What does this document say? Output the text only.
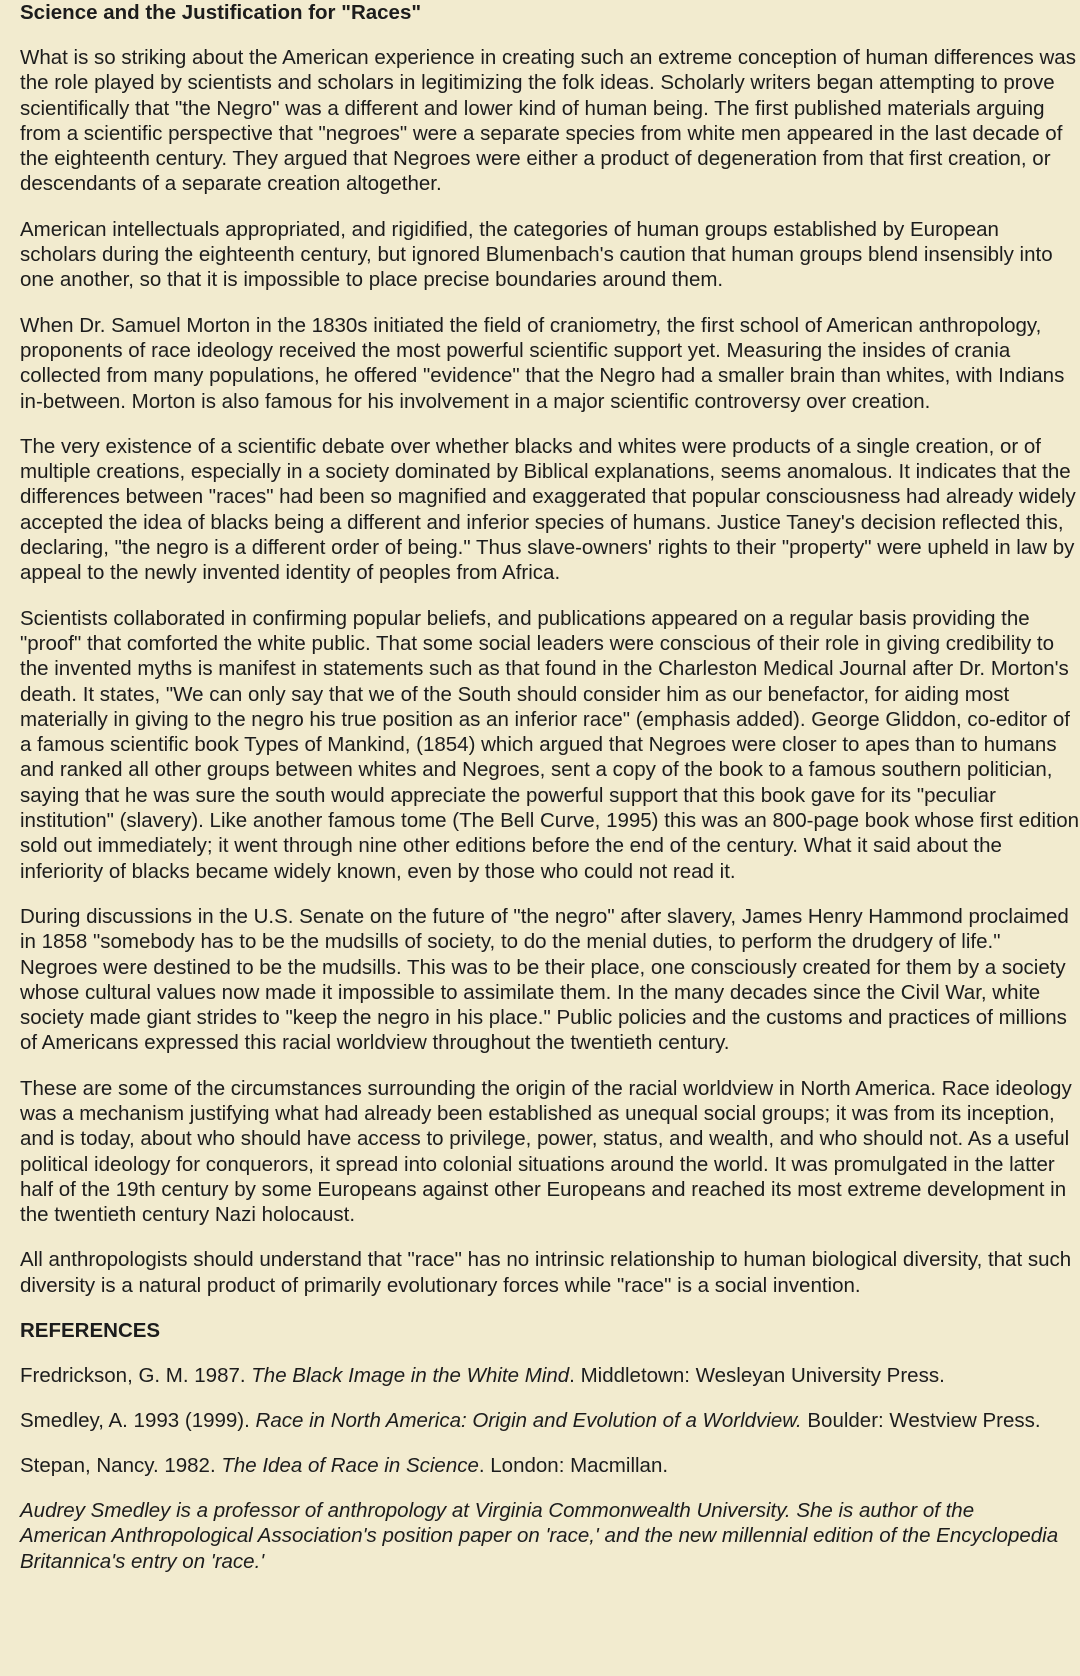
Science and the Justification for "Races"

What is so striking about the American experience in creating such an extreme conception of human differences was the role played by scientists and scholars in legitimizing the folk ideas. Scholarly writers began attempting to prove scientifically that "the Negro" was a different and lower kind of human being. The first published materials arguing from a scientific perspective that "negroes" were a separate species from white men appeared in the last decade of the eighteenth century. They argued that Negroes were either a product of degeneration from that first creation, or descendants of a separate creation altogether.

American intellectuals appropriated, and rigidified, the categories of human groups established by European scholars during the eighteenth century, but ignored Blumenbach's caution that human groups blend insensibly into one another, so that it is impossible to place precise boundaries around them.

When Dr. Samuel Morton in the 1830s initiated the field of craniometry, the first school of American anthropology, proponents of race ideology received the most powerful scientific support yet. Measuring the insides of crania collected from many populations, he offered "evidence" that the Negro had a smaller brain than whites, with Indians in-between. Morton is also famous for his involvement in a major scientific controversy over creation.

The very existence of a scientific debate over whether blacks and whites were products of a single creation, or of multiple creations, especially in a society dominated by Biblical explanations, seems anomalous. It indicates that the differences between "races" had been so magnified and exaggerated that popular consciousness had already widely accepted the idea of blacks being a different and inferior species of humans. Justice Taney's decision reflected this, declaring, "the negro is a different order of being." Thus slave-owners' rights to their "property" were upheld in law by appeal to the newly invented identity of peoples from Africa.

Scientists collaborated in confirming popular beliefs, and publications appeared on a regular basis providing the "proof" that comforted the white public. That some social leaders were conscious of their role in giving credibility to the invented myths is manifest in statements such as that found in the Charleston Medical Journal after Dr. Morton's death. It states, "We can only say that we of the South should consider him as our benefactor, for aiding most materially in giving to the negro his true position as an inferior race" (emphasis added). George Gliddon, co-editor of a famous scientific book Types of Mankind, (1854) which argued that Negroes were closer to apes than to humans and ranked all other groups between whites and Negroes, sent a copy of the book to a famous southern politician, saying that he was sure the south would appreciate the powerful support that this book gave for its "peculiar institution" (slavery). Like another famous tome (The Bell Curve, 1995) this was an 800-page book whose first edition sold out immediately; it went through nine other editions before the end of the century. What it said about the inferiority of blacks became widely known, even by those who could not read it.

During discussions in the U.S. Senate on the future of "the negro" after slavery, James Henry Hammond proclaimed in 1858 "somebody has to be the mudsills of society, to do the menial duties, to perform the drudgery of life." Negroes were destined to be the mudsills. This was to be their place, one consciously created for them by a society whose cultural values now made it impossible to assimilate them. In the many decades since the Civil War, white society made giant strides to "keep the negro in his place." Public policies and the customs and practices of millions of Americans expressed this racial worldview throughout the twentieth century.

These are some of the circumstances surrounding the origin of the racial worldview in North America. Race ideology was a mechanism justifying what had already been established as unequal social groups; it was from its inception, and is today, about who should have access to privilege, power, status, and wealth, and who should not. As a useful political ideology for conquerors, it spread into colonial situations around the world. It was promulgated in the latter half of the 19th century by some Europeans against other Europeans and reached its most extreme development in the twentieth century Nazi holocaust.

All anthropologists should understand that "race" has no intrinsic relationship to human biological diversity, that such diversity is a natural product of primarily evolutionary forces while "race" is a social invention.

REFERENCES

Fredrickson, G. M. 1987. The Black Image in the White Mind. Middletown: Wesleyan University Press.

Smedley, A. 1993 (1999). Race in North America: Origin and Evolution of a Worldview. Boulder: Westview Press.

Stepan, Nancy. 1982. The Idea of Race in Science. London: Macmillan.

Audrey Smedley is a professor of anthropology at Virginia Commonwealth University. She is author of the American Anthropological Association's position paper on 'race,' and the new millennial edition of the Encyclopedia Britannica's entry on 'race.'
